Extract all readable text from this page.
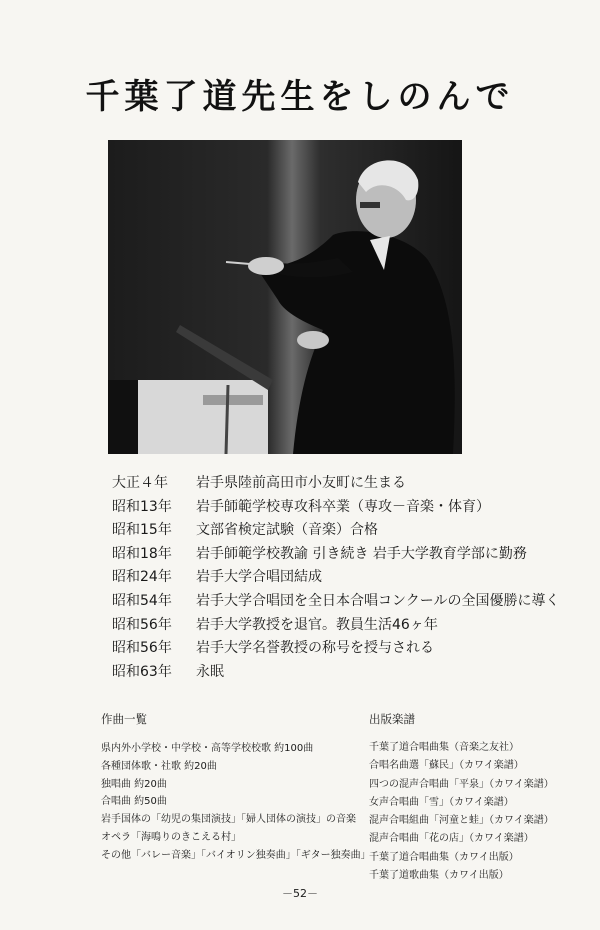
千葉了道先生をしのんで
大正４年	岩手県陸前高田市小友町に生まる
昭和13年	岩手師範学校専攻科卒業（専攻－音楽・体育）
昭和15年	文部省検定試験（音楽）合格
昭和18年	岩手師範学校教諭 引き続き 岩手大学教育学部に勤務
昭和24年	岩手大学合唱団結成
昭和54年	岩手大学合唱団を全日本合唱コンクールの全国優勝に導く
昭和56年	岩手大学教授を退官。教員生活46ヶ年
昭和56年	岩手大学名誉教授の称号を授与される
昭和63年	永眠
作曲一覧
県内外小学校・中学校・高等学校校歌 約100曲
各種団体歌・社歌 約20曲
独唱曲 約20曲
合唱曲 約50曲
岩手国体の「幼児の集団演技」「婦人団体の演技」の音楽
オペラ「海鳴りのきこえる村」
その他「バレー音楽」「バイオリン独奏曲」「ギター独奏曲」
出版楽譜
千葉了道合唱曲集（音楽之友社）
合唱名曲選「蘇民」（カワイ楽譜）
四つの混声合唱曲「平泉」（カワイ楽譜）
女声合唱曲「雪」（カワイ楽譜）
混声合唱組曲「河童と蛙」（カワイ楽譜）
混声合唱曲「花の店」（カワイ楽譜）
千葉了道合唱曲集（カワイ出版）
千葉了道歌曲集（カワイ出版）
－52－
